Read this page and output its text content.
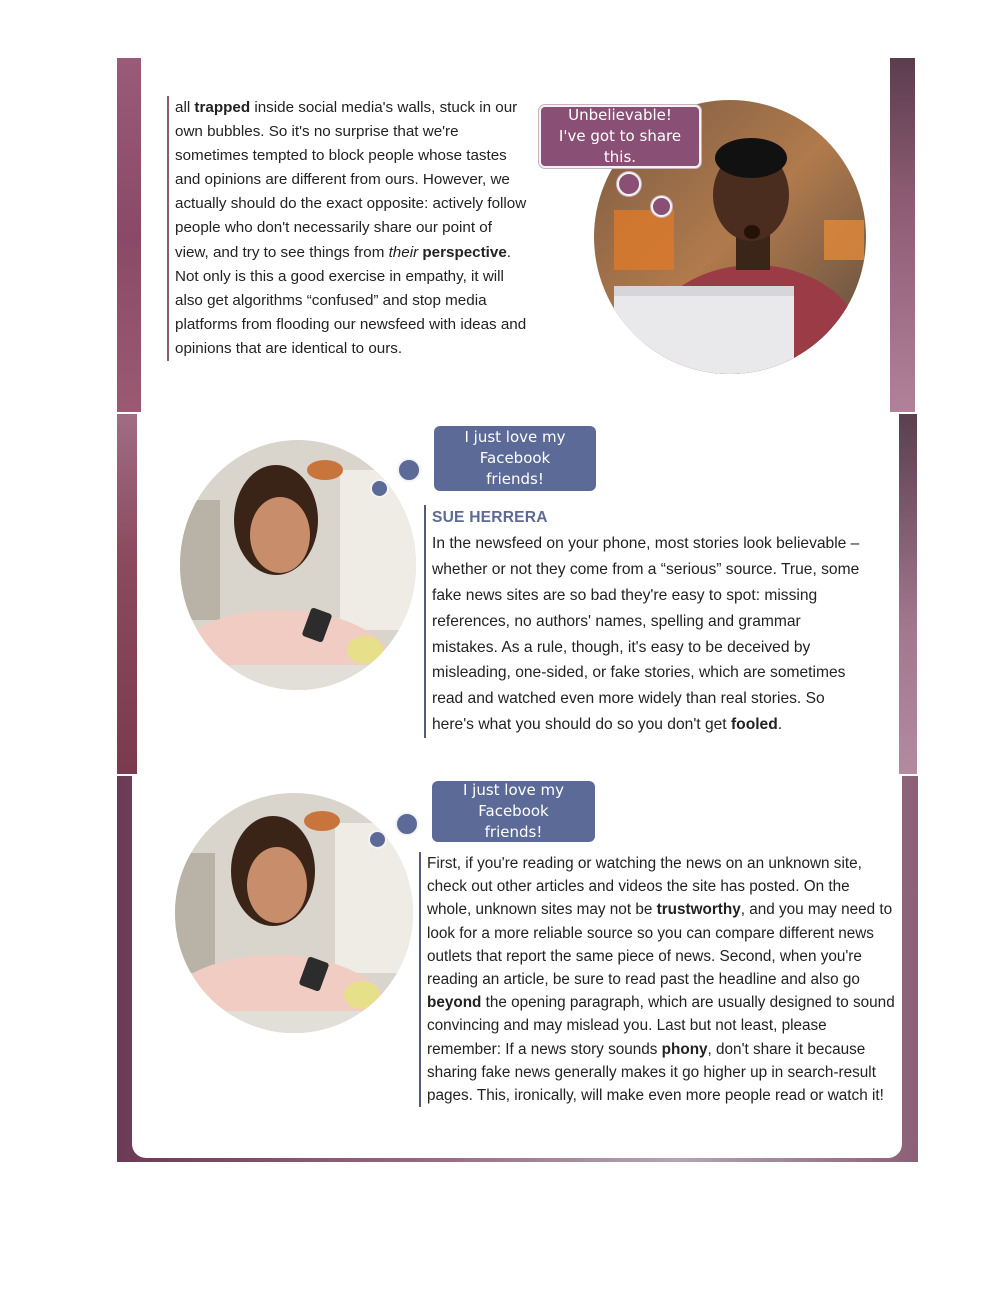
all trapped inside social media's walls, stuck in our own bubbles. So it's no surprise that we're sometimes tempted to block people whose tastes and opinions are different from ours. However, we actually should do the exact opposite: actively follow people who don't necessarily share our point of view, and try to see things from their perspective. Not only is this a good exercise in empathy, it will also get algorithms “confused” and stop media platforms from flooding our newsfeed with ideas and opinions that are identical to ours.

Unbelievable! I've got to share this.
I just love my Facebook friends!
SUE HERRERA

In the newsfeed on your phone, most stories look believable – whether or not they come from a “serious” source. True, some fake news sites are so bad they're easy to spot: missing references, no authors' names, spelling and grammar mistakes. As a rule, though, it's easy to be deceived by misleading, one-sided, or fake stories, which are sometimes read and watched even more widely than real stories. So here's what you should do so you don't get fooled.

I just love my Facebook friends!

First, if you're reading or watching the news on an unknown site, check out other articles and videos the site has posted. On the whole, unknown sites may not be trustworthy, and you may need to look for a more reliable source so you can compare different news outlets that report the same piece of news. Second, when you're reading an article, be sure to read past the headline and also go beyond the opening paragraph, which are usually designed to sound convincing and may mislead you. Last but not least, please remember: If a news story sounds phony, don't share it because sharing fake news generally makes it go higher up in search-result pages. This, ironically, will make even more people read or watch it!
